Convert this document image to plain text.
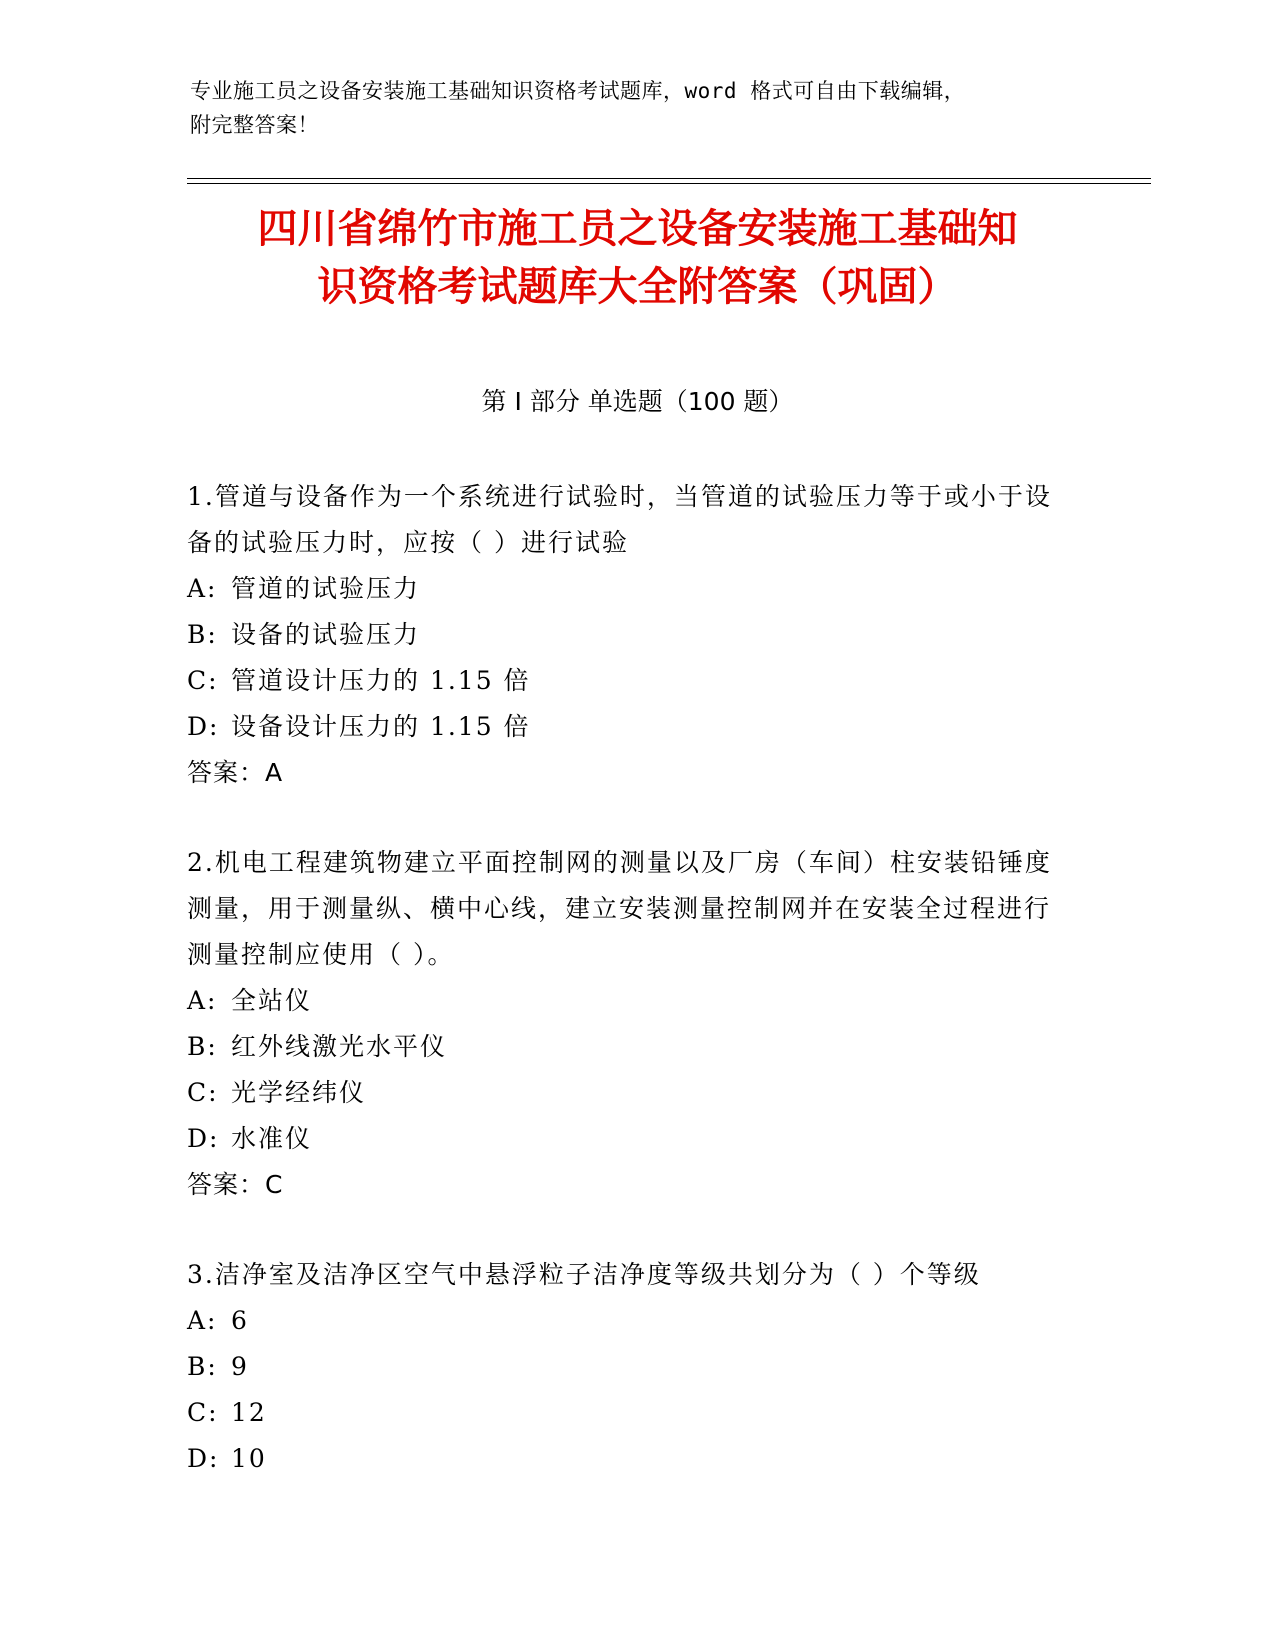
专业施工员之设备安装施工基础知识资格考试题库，word 格式可自由下载编辑，
附完整答案！
四川省绵竹市施工员之设备安装施工基础知
识资格考试题库大全附答案（巩固）
第 I 部分 单选题（100 题）

1.管道与设备作为一个系统进行试验时，当管道的试验压力等于或小于设备的试验压力时，应按（ ）进行试验

A: 管道的试验压力

B: 设备的试验压力

C: 管道设计压力的 1.15 倍

D: 设备设计压力的 1.15 倍

答案：A

2.机电工程建筑物建立平面控制网的测量以及厂房（车间）柱安装铅锤度测量，用于测量纵、横中心线，建立安装测量控制网并在安装全过程进行测量控制应使用（ ）。

A: 全站仪

B: 红外线激光水平仪

C: 光学经纬仪

D: 水准仪

答案：C

3.洁净室及洁净区空气中悬浮粒子洁净度等级共划分为（ ）个等级

A: 6

B: 9

C: 12

D: 10
